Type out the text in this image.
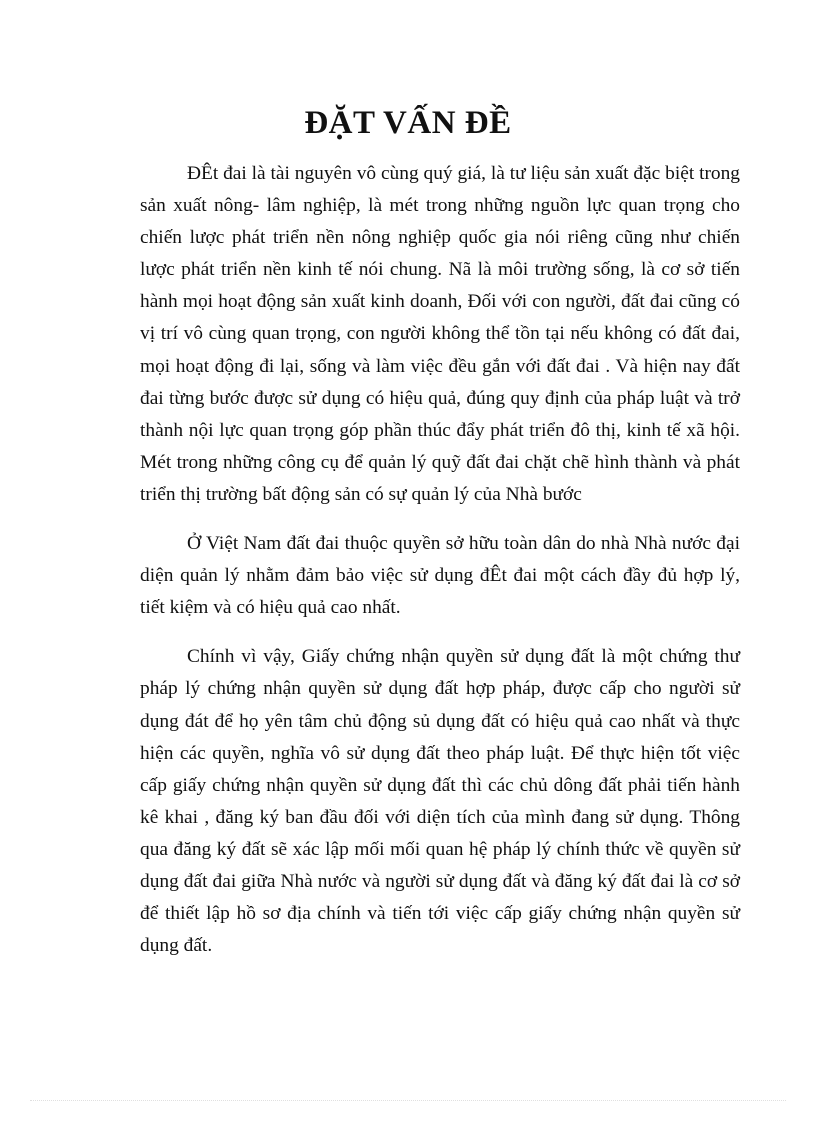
ĐẶT VẤN ĐỀ

ĐÊt đai là tài nguyên vô cùng quý giá, là tư liệu sản xuất đặc biệt trong sản xuất nông- lâm nghiệp, là mét trong những nguồn lực quan trọng cho chiến lược phát triển nền nông nghiệp quốc gia nói riêng cũng như chiến lược phát triển nền kinh tế nói chung. Nã là môi trường sống, là cơ sở tiến hành mọi hoạt động sản xuất kinh doanh, Đối với con người, đất đai cũng có vị trí vô cùng quan trọng, con người không thể tồn tại nếu không có đất đai, mọi hoạt động đi lại, sống và làm việc đều gắn với đất đai . Và hiện nay đất đai từng bước được sử dụng có hiệu quả, đúng quy định của pháp luật và trở thành nội lực quan trọng góp phần thúc đẩy phát triển đô thị, kinh tế xã hội. Mét trong những công cụ để quản lý quỹ đất đai chặt chẽ hình thành và phát triển thị trường bất động sản có sự quản lý của Nhà bước

Ở Việt Nam đất đai thuộc quyền sở hữu toàn dân do nhà Nhà nước đại diện quản lý nhằm đảm bảo việc sử dụng đÊt đai một cách đầy đủ hợp lý, tiết kiệm và có hiệu quả cao nhất.

Chính vì vậy, Giấy chứng nhận quyền sử dụng đất là một chứng thư pháp lý chứng nhận quyền sử dụng đất hợp pháp, được cấp cho người sử dụng đát để họ yên tâm chủ động sủ dụng đất có hiệu quả cao nhất và thực hiện các quyền, nghĩa vô sử dụng đất theo pháp luật. Để thực hiện tốt việc cấp giấy chứng nhận quyền sử dụng đất thì các chủ dông đất phải tiến hành kê khai , đăng ký ban đầu đối với diện tích của mình đang sử dụng. Thông qua đăng ký đất sẽ xác lập mối mối quan hệ pháp lý chính thức về quyền sử dụng đất đai giữa Nhà nước và người sử dụng đất và đăng ký đất đai là cơ sở để thiết lập hồ sơ địa chính và tiến tới việc cấp giấy chứng nhận quyền sử dụng đất.
